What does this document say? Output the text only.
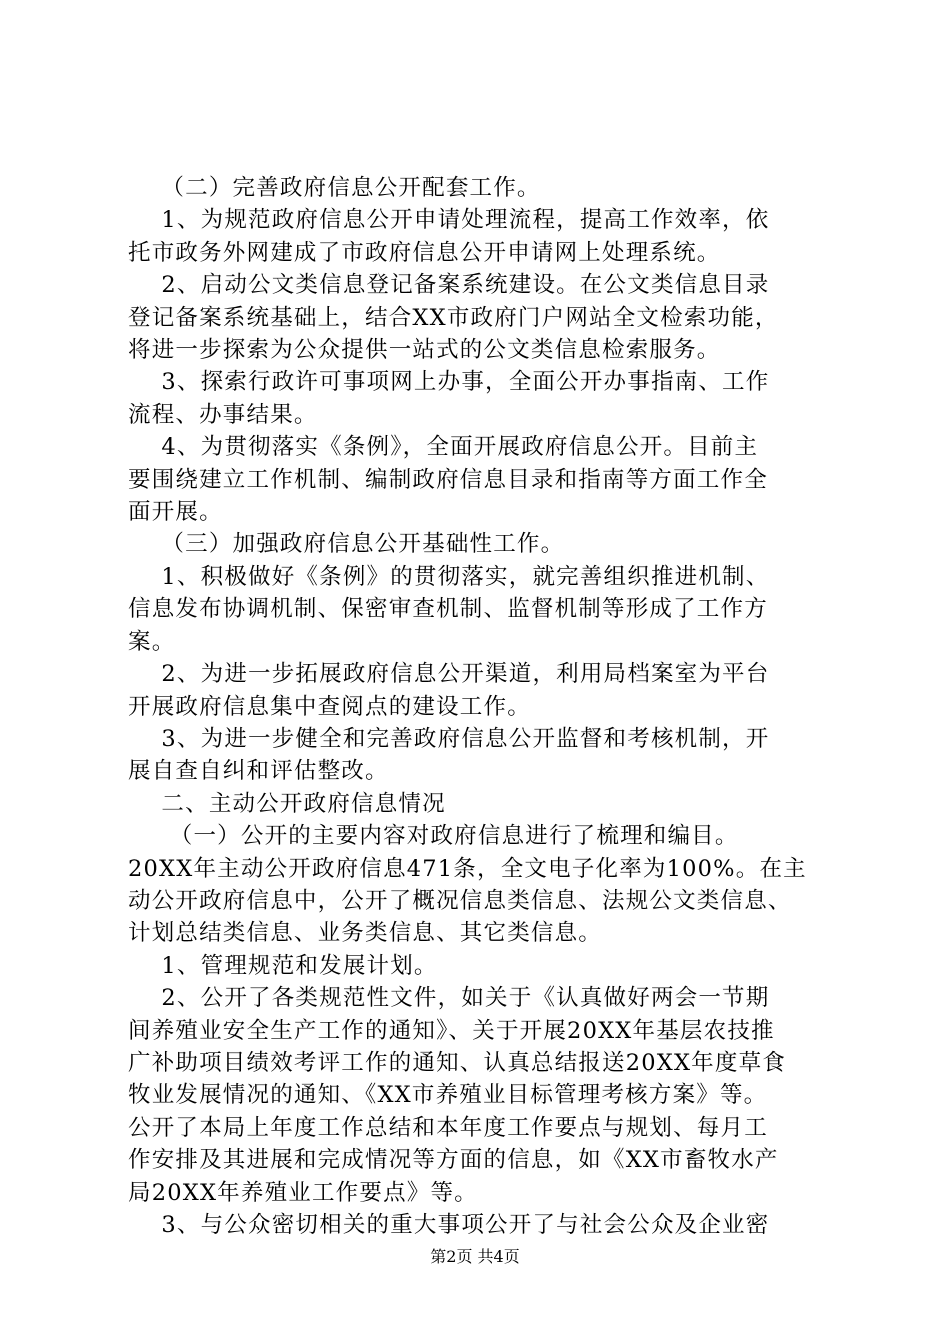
（二）完善政府信息公开配套工作。

1、为规范政府信息公开申请处理流程，提高工作效率，依

托市政务外网建成了市政府信息公开申请网上处理系统。

2、启动公文类信息登记备案系统建设。在公文类信息目录

登记备案系统基础上，结合XX市政府门户网站全文检索功能，

将进一步探索为公众提供一站式的公文类信息检索服务。

3、探索行政许可事项网上办事，全面公开办事指南、工作

流程、办事结果。

4、为贯彻落实《条例》，全面开展政府信息公开。目前主

要围绕建立工作机制、编制政府信息目录和指南等方面工作全

面开展。

（三）加强政府信息公开基础性工作。

1、积极做好《条例》的贯彻落实，就完善组织推进机制、

信息发布协调机制、保密审查机制、监督机制等形成了工作方

案。

2、为进一步拓展政府信息公开渠道，利用局档案室为平台

开展政府信息集中查阅点的建设工作。

3、为进一步健全和完善政府信息公开监督和考核机制，开

展自查自纠和评估整改。

二、主动公开政府信息情况

（一）公开的主要内容对政府信息进行了梳理和编目。

20XX年主动公开政府信息471条，全文电子化率为100%。在主

动公开政府信息中，公开了概况信息类信息、法规公文类信息、

计划总结类信息、业务类信息、其它类信息。

1、管理规范和发展计划。

2、公开了各类规范性文件，如关于《认真做好两会一节期

间养殖业安全生产工作的通知》、关于开展20XX年基层农技推

广补助项目绩效考评工作的通知、认真总结报送20XX年度草食

牧业发展情况的通知、《XX市养殖业目标管理考核方案》等。

公开了本局上年度工作总结和本年度工作要点与规划、每月工

作安排及其进展和完成情况等方面的信息，如《XX市畜牧水产

局20XX年养殖业工作要点》等。

3、与公众密切相关的重大事项公开了与社会公众及企业密

第2页 共4页
